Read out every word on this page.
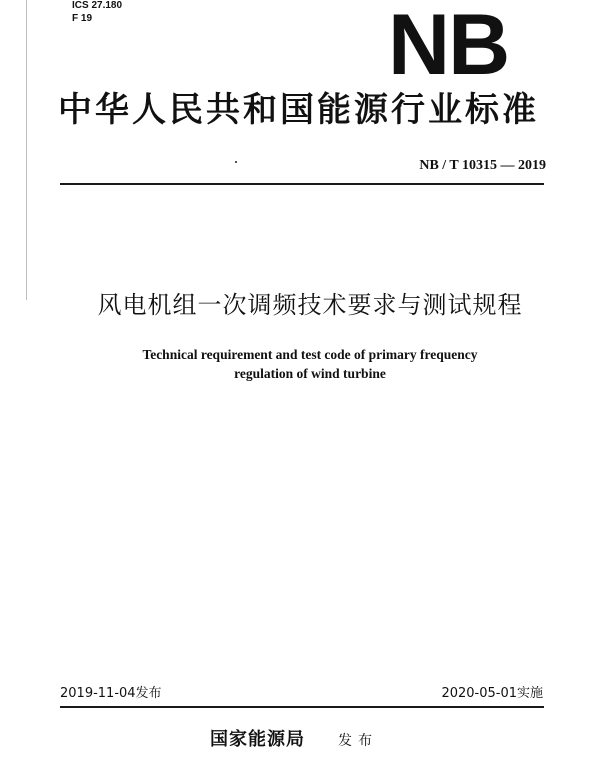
ICS 27.180
F 19	NB
中华人民共和国能源行业标准
NB / T 10315 — 2019
风电机组一次调频技术要求与测试规程
Technical requirement and test code of primary frequency
regulation of wind turbine
2019-11-04发布	2020-05-01实施
国家能源局 发布
